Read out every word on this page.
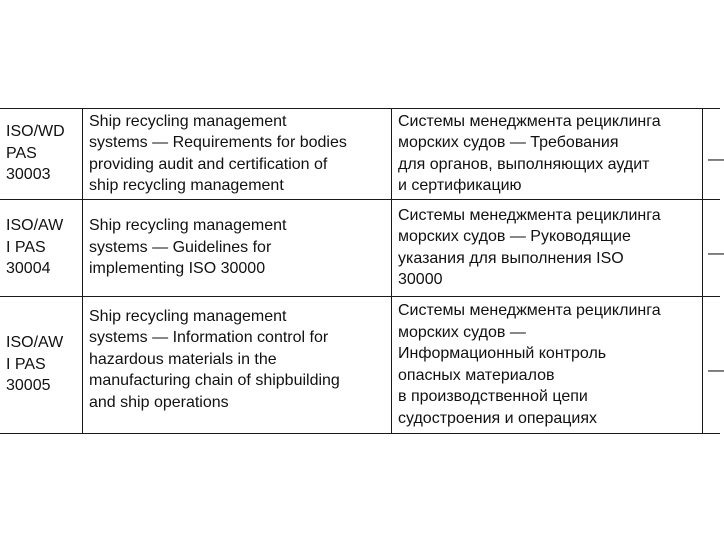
ISO/WD
PAS
30003
Ship recycling management
systems — Requirements for bodies
providing audit and certification of
ship recycling management
Системы менеджмента рециклинга
морских судов — Требования
для органов, выполняющих аудит
и сертификацию
—
ISO/AW
I PAS
30004
Ship recycling management
systems — Guidelines for
implementing ISO 30000
Системы менеджмента рециклинга
морских судов — Руководящие
указания для выполнения ISO
30000
—
ISO/AW
I PAS
30005
Ship recycling management
systems — Information control for
hazardous materials in the
manufacturing chain of shipbuilding
and ship operations
Системы менеджмента рециклинга
морских судов —
Информационный контроль
опасных материалов
в производственной цепи
судостроения и операциях
—
